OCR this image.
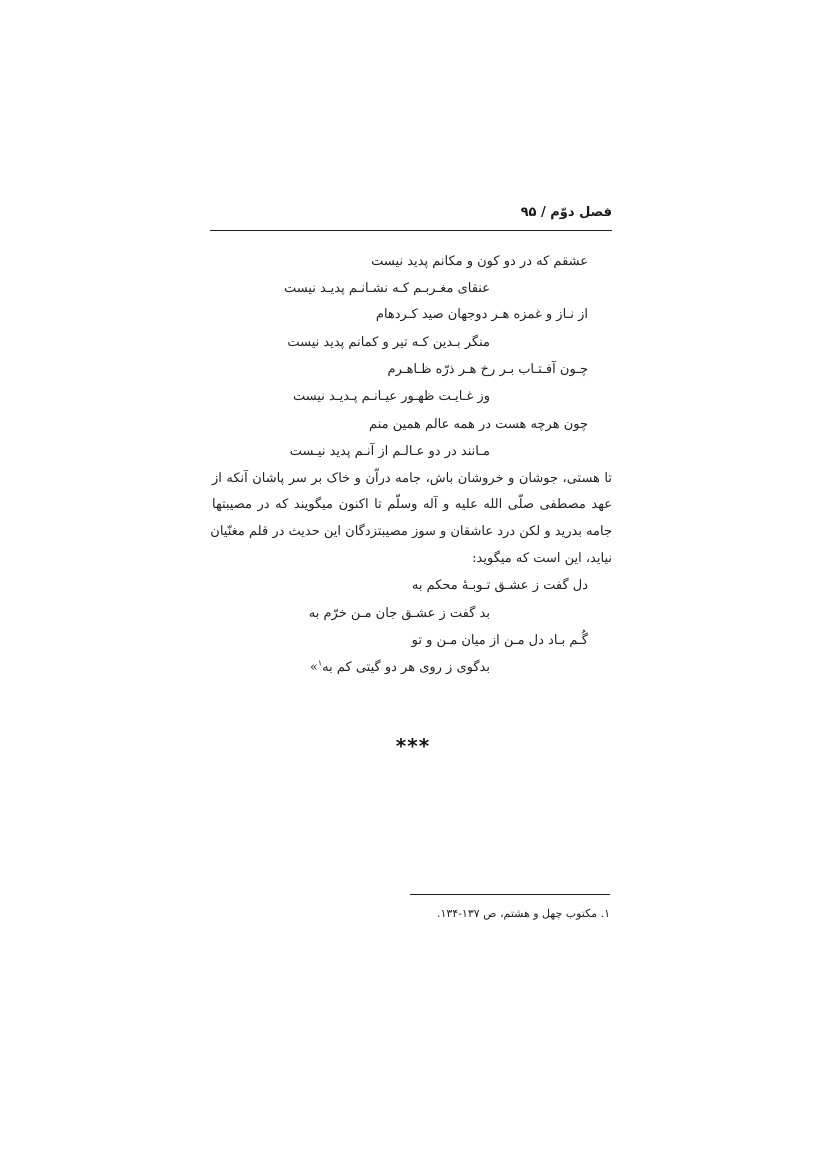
فصل دوّم / ۹۵
عشقم که در دو کون و مکانم پدید نیست
عنقای مغـربـم کـه نشـانـم پدیـد نیست
از نـاز و غمزه هـر دوجهان صید کـردهام
منگر بـدین کـه تیر و کمانم پدید نیست
چـون آفـتـاب بـر رخ هـر ذرّه ظـاهـرم
وز غـایـت ظهـور عیـانـم پـدیـد نیست
چون هرچه هست در همه عالم همین منم
مـانند در دو عـالـم از آنـم پدید نیـست
تا هستی، جوشان و خروشان باش، جامه دراّن و خاک بر سر پاشان آنکه از
عهد مصطفی صلّی الله علیه و آله وسلّم تا اکنون میگویند که در مصیبتها
جامه بدرید و لکن درد عاشقان و سوز مصیبتزدگان این حدیث در قلم مغنّیان
نیاید، این است که میگوید:
دل گفت ز عشـق تـوبـهٔ محکم به
بد گفت ز عشـق جان مـن خرّم به
گُـم بـاد دل مـن از میان مـن و تو
بدگوی ز روی هر دو گیتی کم به$^۱$»
***
۱. مکتوب چهل و هشتم، ص ۱۳۷-۱۳۴.
